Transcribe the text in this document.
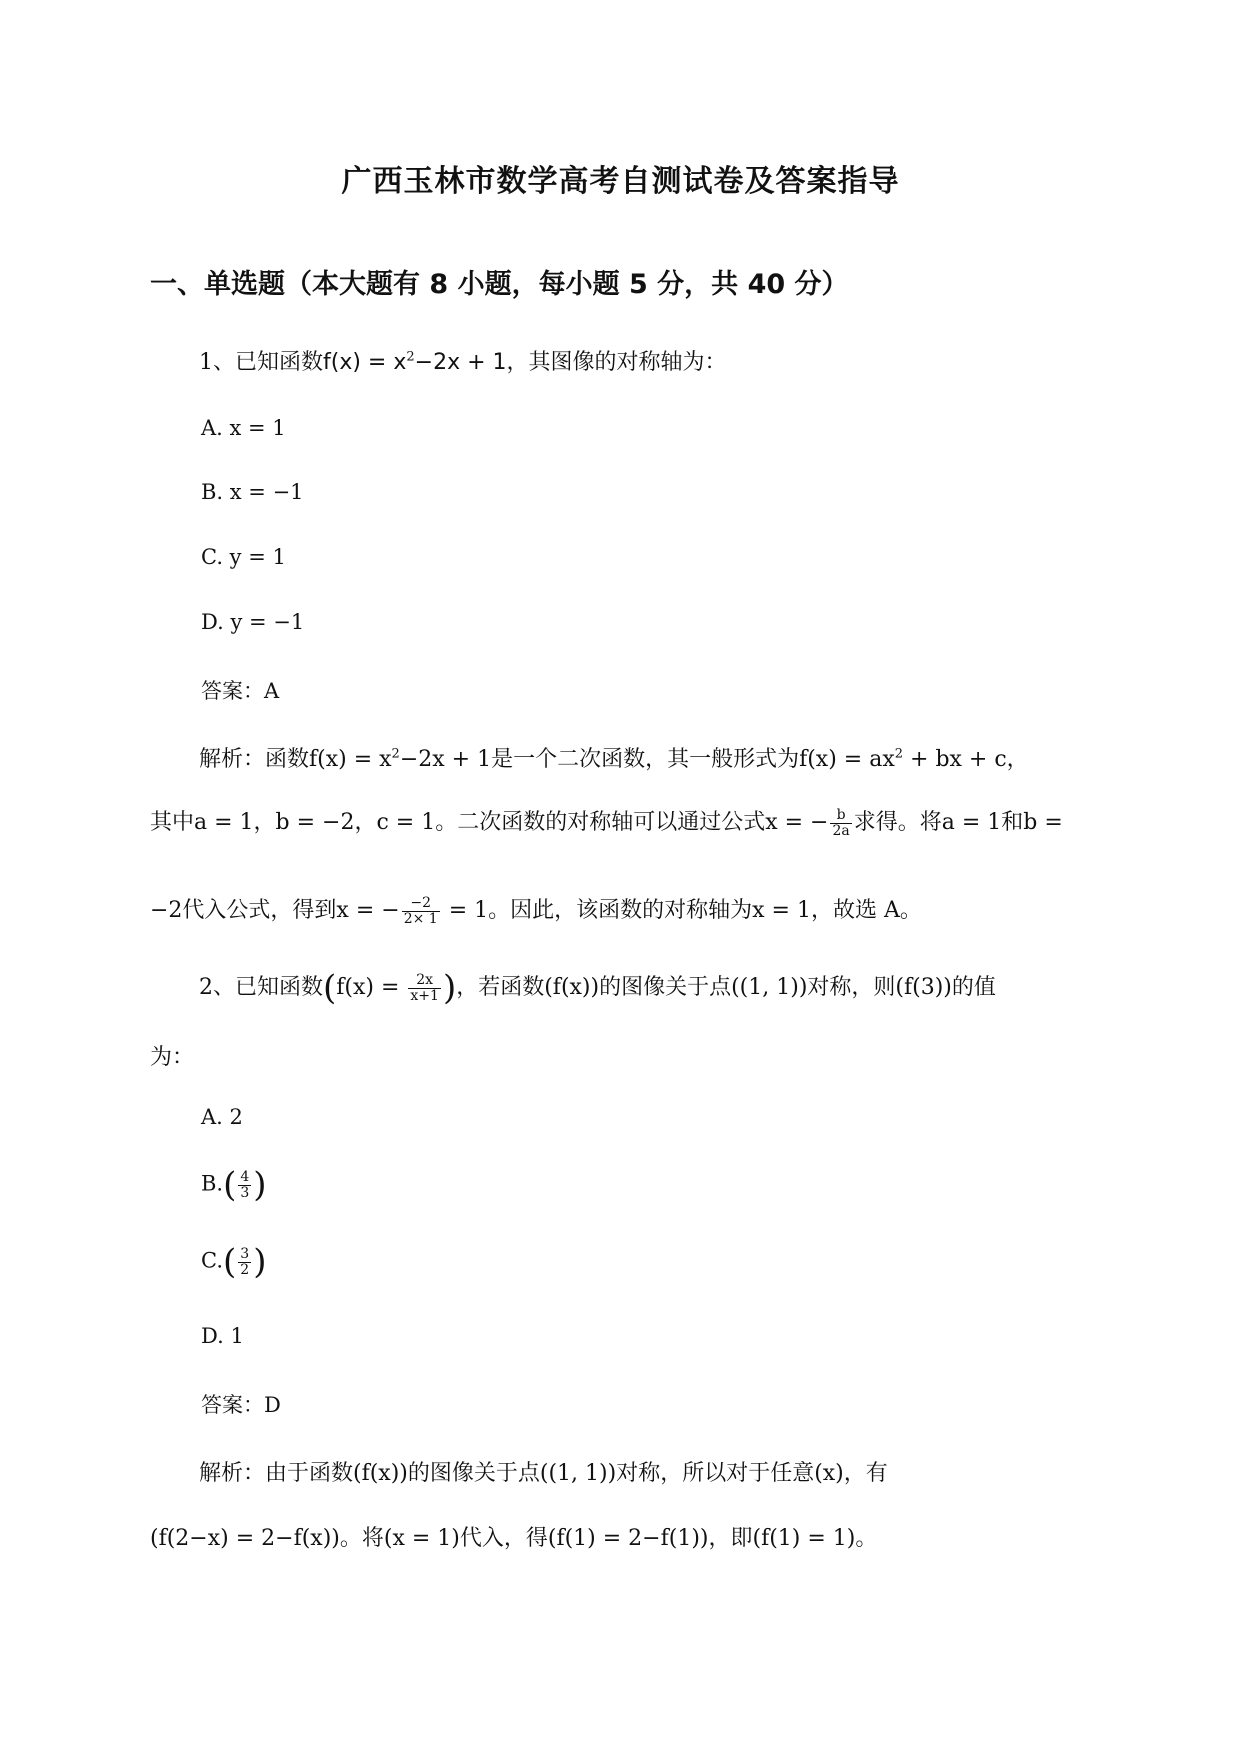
广西玉林市数学高考自测试卷及答案指导
一、单选题（本大题有 8 小题，每小题 5 分，共 40 分）
1、已知函数$f(x) = x^2-2x + 1$，其图像的对称轴为：
A. x = 1
B. x = −1
C. y = 1
D. y = −1
答案：A
解析：函数$f(x) = x^2-2x + 1$是一个二次函数，其一般形式为$f(x) = ax^2$ + bx + c，
其中a = 1，b = −2，c = 1。二次函数的对称轴可以通过公式x = − $\frac{b}{2a}$ 求得。将a = 1和b =
−2代入公式，得到x = − $\frac{-2}{2\times 1} = 1$。因此，该函数的对称轴为x = 1，故选 A。
2、已知函数($f(x) = \frac{2x}{x+1}$ )，若函数(f(x))的图像关于点((1, 1))对称，则(f(3))的值
为：
A. 2
$B.( \frac{4}{3}$ )
$C.( \frac{3}{2}$ )
D. 1
答案：D
解析：由于函数(f(x))的图像关于点((1, 1))对称，所以对于任意(x)，有
(f(2−x) = 2−f(x))。将(x = 1)代入，得(f(1) = 2−f(1))，即(f(1) = 1)。
